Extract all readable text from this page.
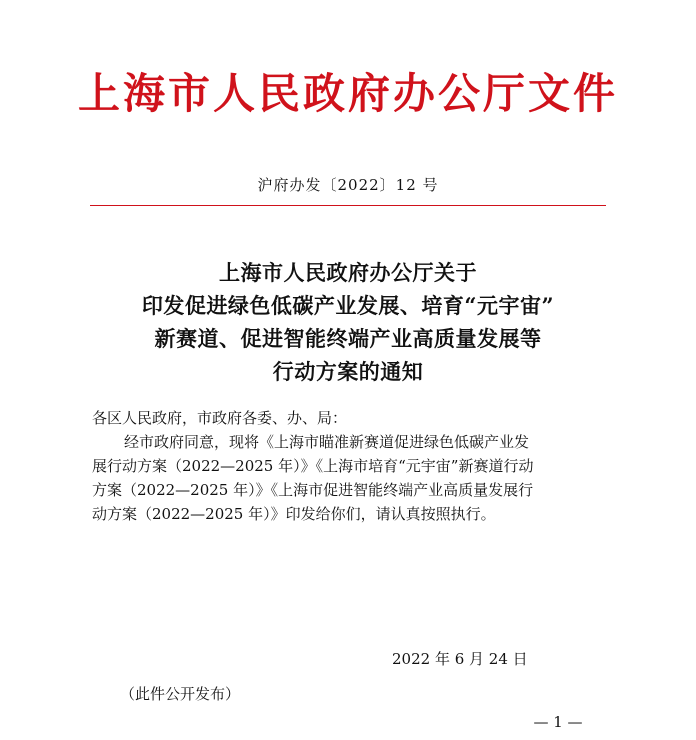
上海市人民政府办公厅文件
沪府办发〔2022〕12 号
上海市人民政府办公厅关于
印发促进绿色低碳产业发展、培育“元宇宙”
新赛道、促进智能终端产业高质量发展等
行动方案的通知
各区人民政府，市政府各委、办、局：
经市政府同意，现将《上海市瞄准新赛道促进绿色低碳产业发
展行动方案（2022—2025 年）》《上海市培育“元宇宙”新赛道行动
方案（2022—2025 年）》《上海市促进智能终端产业高质量发展行
动方案（2022—2025 年）》印发给你们，请认真按照执行。
2022 年 6 月 24 日
（此件公开发布）
— 1 —
